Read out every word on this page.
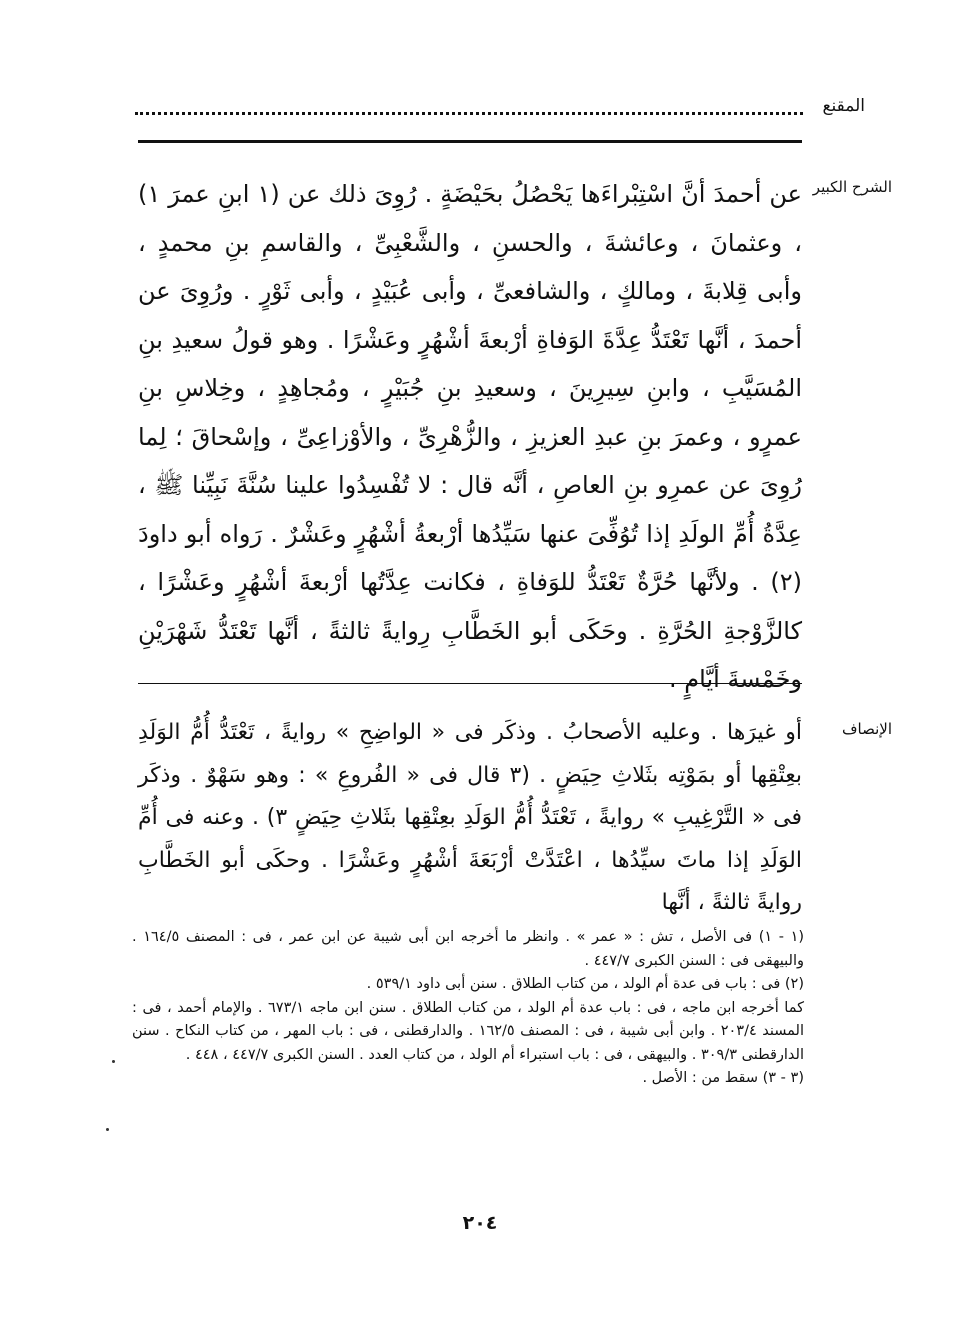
المقنع
الشرح الكبير

عن أحمدَ أنَّ اسْتِبْراءَها يَحْصُلُ بحَيْضَةٍ . رُوِىَ ذلك عن (١ ابنِ عمرَ ١) ، وعثمانَ ، وعائشةَ ، والحسنِ ، والشَّعْبِىِّ ، والقاسمِ بنِ محمدٍ ، وأبى قِلابةَ ، ومالكٍ ، والشافعىِّ ، وأبى عُبَيْدٍ ، وأبى ثَوْرٍ . ورُوِىَ عن أحمدَ ، أنَّها تَعْتَدُّ عِدَّةَ الوَفاةِ أرْبعةَ أشْهُرٍ وعَشْرًا . وهو قولُ سعيدِ بنِ المُسَيَّبِ ، وابنِ سِيرِينَ ، وسعيدِ بنِ جُبَيْرٍ ، ومُجاهِدٍ ، وخِلاسِ بنِ عمرٍو ، وعمرَ بنِ عبدِ العزيزِ ، والزُّهْرِىِّ ، والأوْزاعِىِّ ، وإسْحاقَ ؛ لِما رُوِىَ عن عمرِو بنِ العاصِ ، أنَّه قال : لا تُفْسِدُوا علينا سُنَّةَ نَبِيِّنا ﷺ ، عِدَّةُ أُمِّ الولَدِ إذا تُوُفِّىَ عنها سَيِّدُها أرْبعةُ أشْهُرٍ وعَشْرٌ . رَواه أبو داودَ (٢) . ولأنَّها حُرَّةٌ تَعْتَدُّ للوَفاةِ ، فكانت عِدَّتُها أرْبعةَ أشْهُرٍ وعَشْرًا ، كالزَّوْجةِ الحُرَّةِ . وحَكَى أبو الخَطَّابِ رِوايةً ثالثةً ، أنَّها تَعْتَدُّ شَهْرَيْنِ وخَمْسةَ أيَّامٍ .

الإنصاف

أو غيرَها . وعليه الأصحابُ . وذكَر فى « الواضِحِ » روايةً ، تَعْتَدُّ أُمُّ الوَلَدِ بعِتْقِها أو بمَوْتِه بثَلاثِ حِيَضٍ . (٣ قال فى « الفُروعِ » : وهو سَهْوٌ . وذكَر فى « التَّرْغِيبِ » روايةً ، تَعْتَدُّ أُمُّ الوَلَدِ بعِتْقِها بثَلاثِ حِيَضٍ ٣) . وعنه فى أُمِّ الوَلَدِ إذا ماتَ سيِّدُها ، اعْتَدَّتْ أرْبَعَةَ أشْهُرٍ وعَشْرًا . وحكَى أبو الخَطَّابِ روايةً ثالثةً ، أنَّها

(١ - ١) فى الأصل ، تش : « عمر » . وانظر ما أخرجه ابن أبى شيبة عن ابن عمر ، فى : المصنف ١٦٤/٥ . والبيهقى فى : السنن الكبرى ٤٤٧/٧ .

(٢) فى : باب فى عدة أم الولد ، من كتاب الطلاق . سنن أبى داود ٥٣٩/١ .

كما أخرجه ابن ماجه ، فى : باب عدة أم الولد ، من كتاب الطلاق . سنن ابن ماجه ٦٧٣/١ . والإمام أحمد ، فى : المسند ٢٠٣/٤ . وابن أبى شيبة ، فى : المصنف ١٦٢/٥ . والدارقطنى ، فى : باب المهر ، من كتاب النكاح . سنن الدارقطنى ٣٠٩/٣ . والبيهقى ، فى : باب استبراء أم الولد ، من كتاب العدد . السنن الكبرى ٤٤٧/٧ ، ٤٤٨ .

(٣ - ٣) سقط من : الأصل .

٢٠٤
